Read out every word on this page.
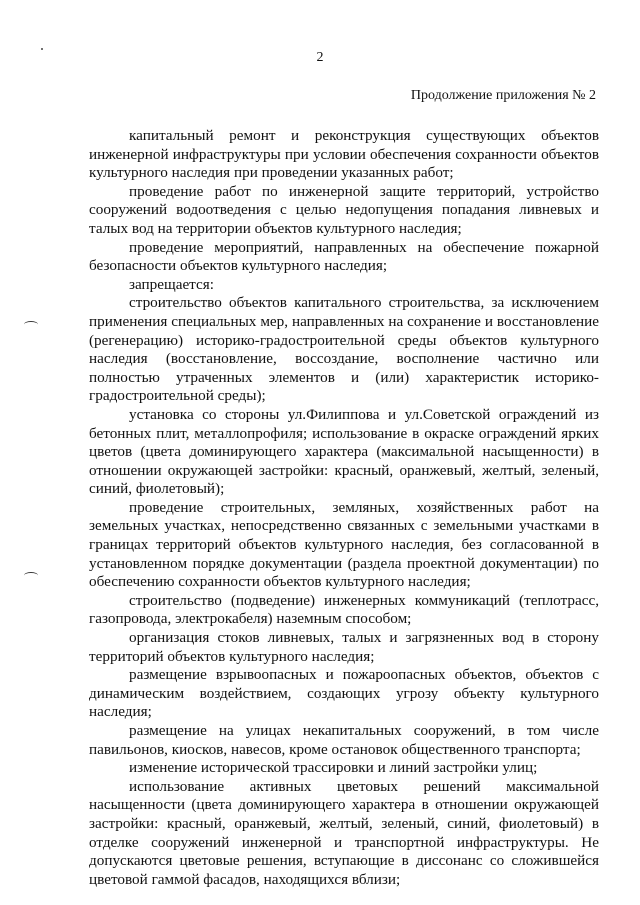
2
Продолжение приложения № 2

капитальный ремонт и реконструкция существующих объектов инженерной инфраструктуры при условии обеспечения сохранности объектов культурного наследия при проведении указанных работ;

проведение работ по инженерной защите территорий, устройство сооружений водоотведения с целью недопущения попадания ливневых и талых вод на территории объектов культурного наследия;

проведение мероприятий, направленных на обеспечение пожарной безопасности объектов культурного наследия;

запрещается:

строительство объектов капитального строительства, за исключением применения специальных мер, направленных на сохранение и восстановление (регенерацию) историко-градостроительной среды объектов культурного наследия (восстановление, воссоздание, восполнение частично или полностью утраченных элементов и (или) характеристик историко-градостроительной среды);

установка со стороны ул.Филиппова и ул.Советской ограждений из бетонных плит, металлопрофиля; использование в окраске ограждений ярких цветов (цвета доминирующего характера (максимальной насыщенности) в отношении окружающей застройки: красный, оранжевый, желтый, зеленый, синий, фиолетовый);

проведение строительных, земляных, хозяйственных работ на земельных участках, непосредственно связанных с земельными участками в границах территорий объектов культурного наследия, без согласованной в установленном порядке документации (раздела проектной документации) по обеспечению сохранности объектов культурного наследия;

строительство (подведение) инженерных коммуникаций (теплотрасс, газопровода, электрокабеля) наземным способом;

организация стоков ливневых, талых и загрязненных вод в сторону территорий объектов культурного наследия;

размещение взрывоопасных и пожароопасных объектов, объектов с динамическим воздействием, создающих угрозу объекту культурного наследия;

размещение на улицах некапитальных сооружений, в том числе павильонов, киосков, навесов, кроме остановок общественного транспорта;

изменение исторической трассировки и линий застройки улиц;

использование активных цветовых решений максимальной насыщенности (цвета доминирующего характера в отношении окружающей застройки: красный, оранжевый, желтый, зеленый, синий, фиолетовый) в отделке сооружений инженерной и транспортной инфраструктуры. Не допускаются цветовые решения, вступающие в диссонанс со сложившейся цветовой гаммой фасадов, находящихся вблизи;
